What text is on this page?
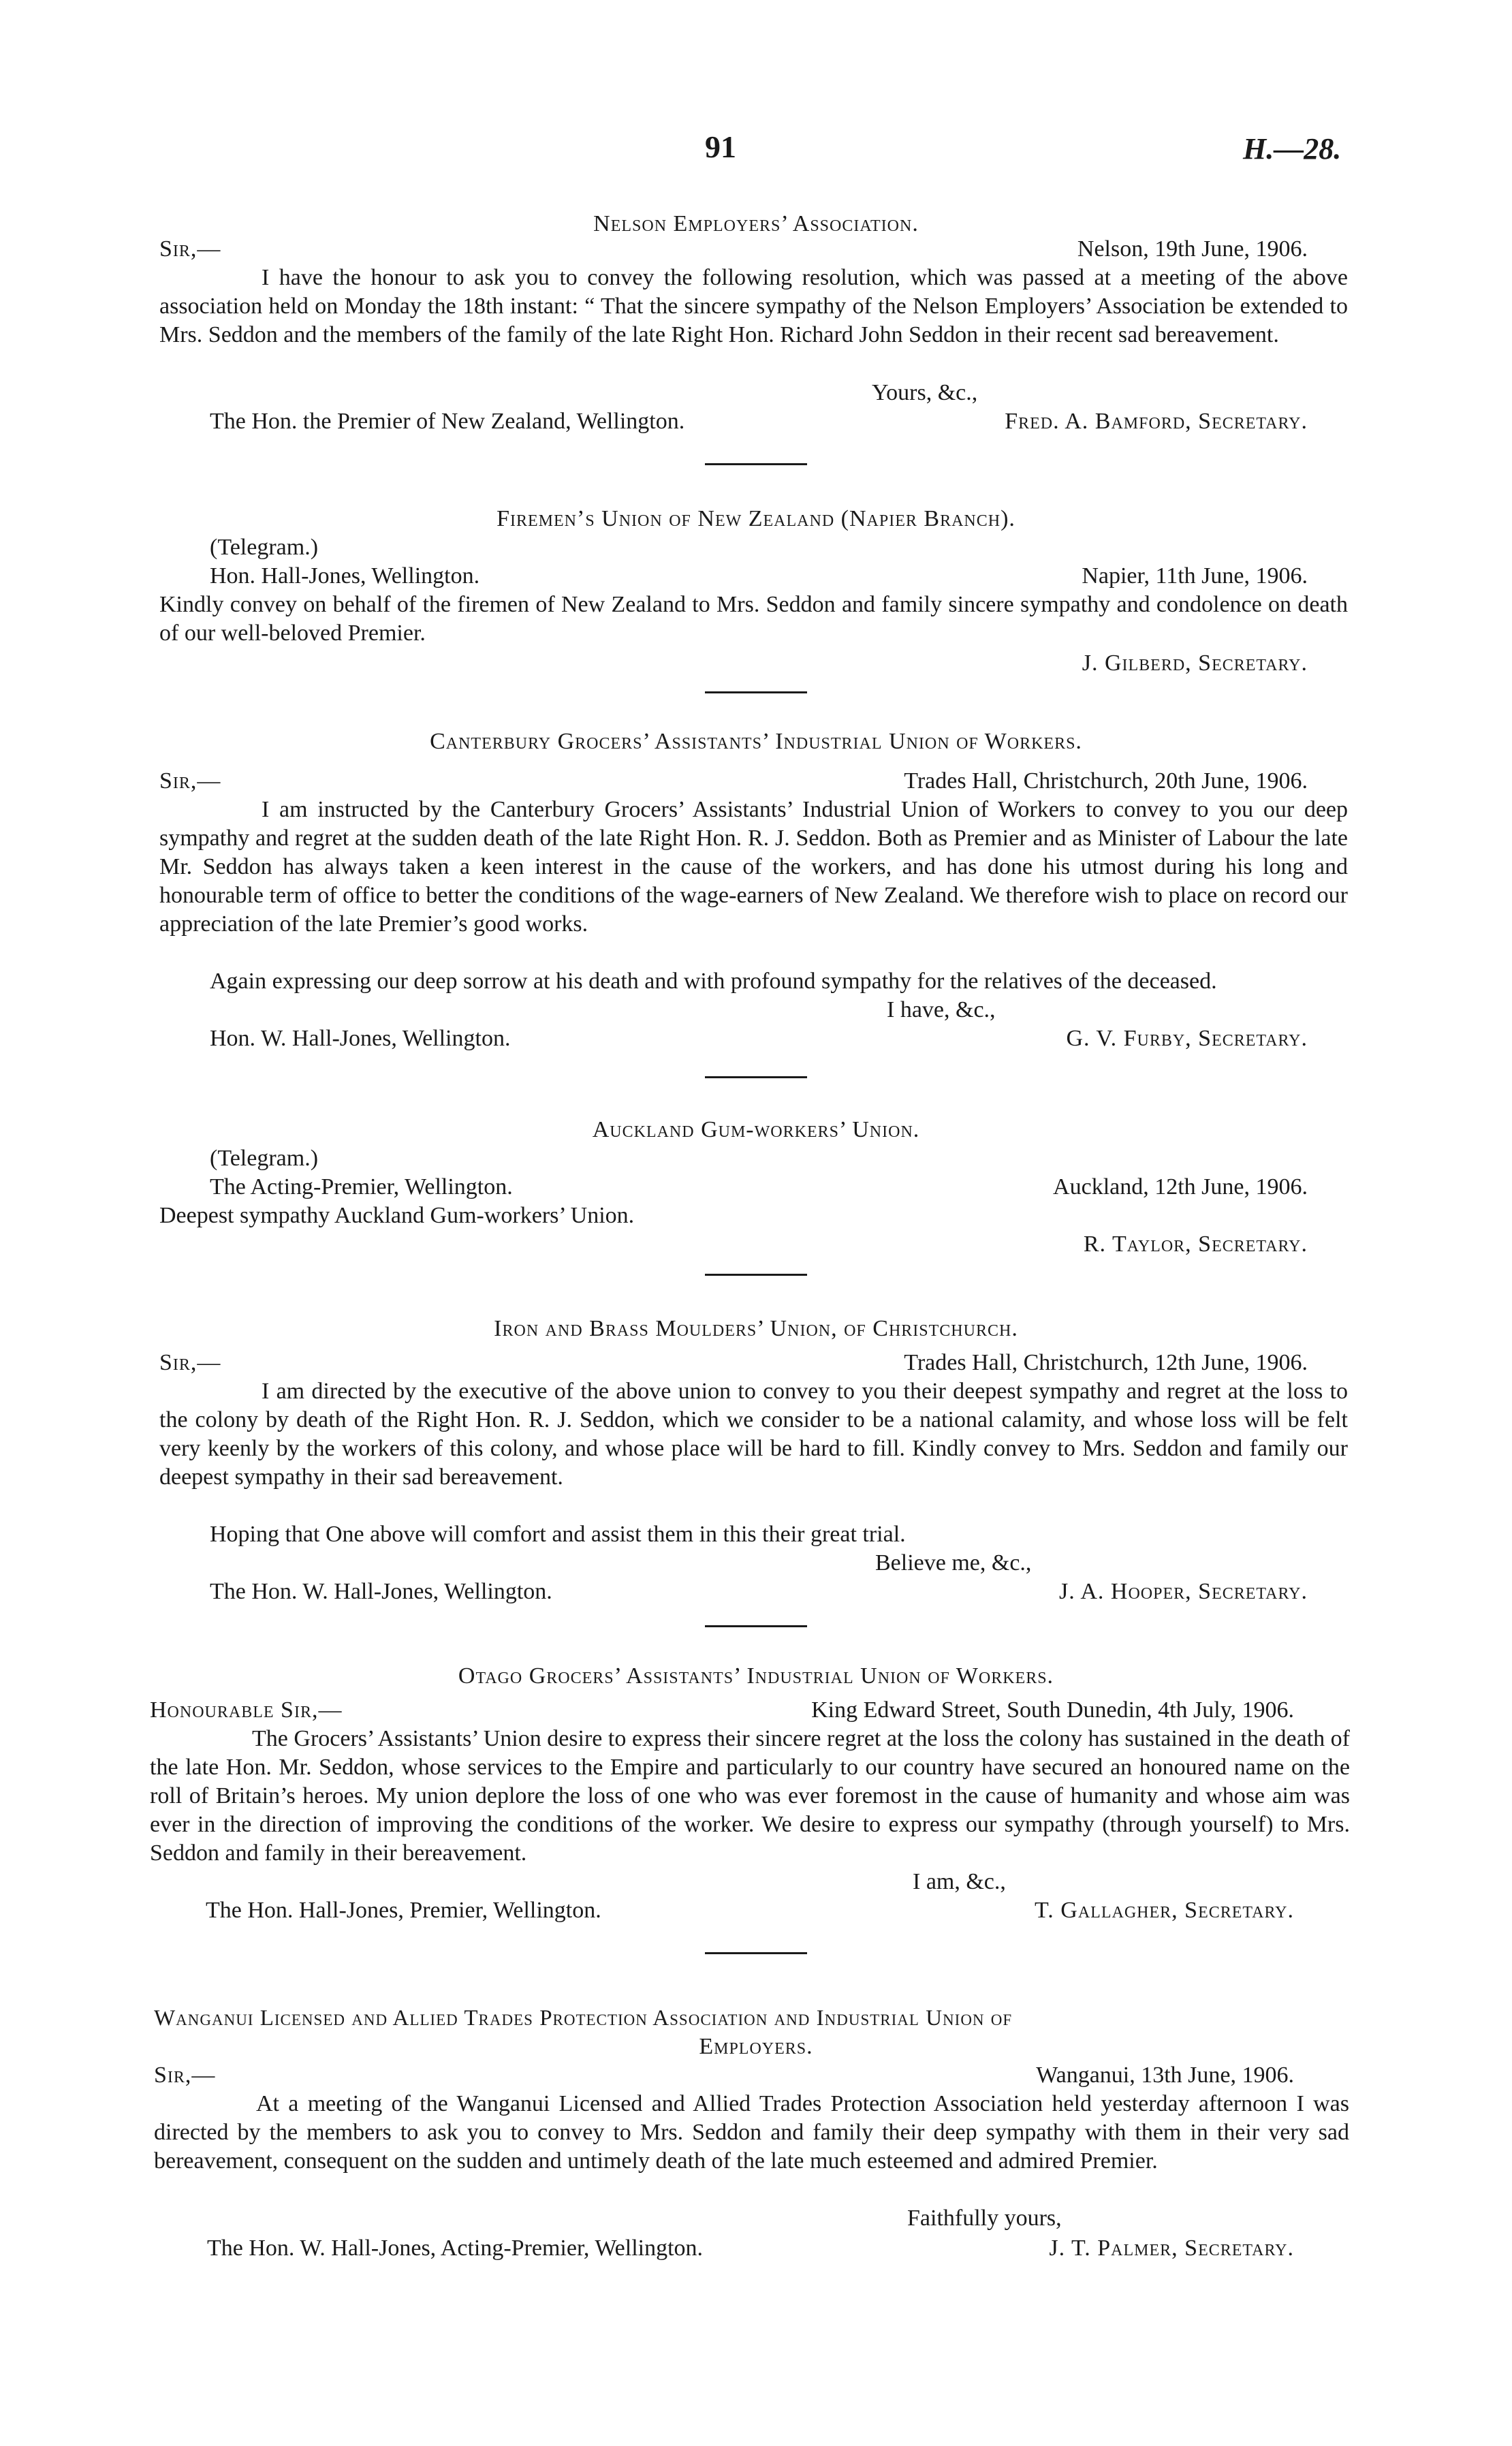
91	H.—28.
Nelson Employers’ Association.
Sir,—	Nelson, 19th June, 1906.
I have the honour to ask you to convey the following resolution, which was passed at a meeting of the above association held on Monday the 18th instant: “ That the sincere sympathy of the Nelson Employers’ Association be extended to Mrs. Seddon and the members of the family of the late Right Hon. Richard John Seddon in their recent sad bereavement.
Yours, &c.,
The Hon. the Premier of New Zealand, Wellington.	Fred. A. Bamford, Secretary.
Firemen’s Union of New Zealand (Napier Branch).
(Telegram.)
Hon. Hall-Jones, Wellington.	Napier, 11th June, 1906.
Kindly convey on behalf of the firemen of New Zealand to Mrs. Seddon and family sincere sympathy and condolence on death of our well-beloved Premier.
J. Gilberd, Secretary.
Canterbury Grocers’ Assistants’ Industrial Union of Workers.
Sir,—	Trades Hall, Christchurch, 20th June, 1906.
I am instructed by the Canterbury Grocers’ Assistants’ Industrial Union of Workers to convey to you our deep sympathy and regret at the sudden death of the late Right Hon. R. J. Seddon. Both as Premier and as Minister of Labour the late Mr. Seddon has always taken a keen interest in the cause of the workers, and has done his utmost during his long and honourable term of office to better the conditions of the wage-earners of New Zealand. We therefore wish to place on record our appreciation of the late Premier’s good works.
Again expressing our deep sorrow at his death and with profound sympathy for the relatives of the deceased.
I have, &c.,
Hon. W. Hall-Jones, Wellington.	G. V. Furby, Secretary.
Auckland Gum-workers’ Union.
(Telegram.)
The Acting-Premier, Wellington.	Auckland, 12th June, 1906.
Deepest sympathy Auckland Gum-workers’ Union.
R. Taylor, Secretary.
Iron and Brass Moulders’ Union, of Christchurch.
Sir,—	Trades Hall, Christchurch, 12th June, 1906.
I am directed by the executive of the above union to convey to you their deepest sympathy and regret at the loss to the colony by death of the Right Hon. R. J. Seddon, which we consider to be a national calamity, and whose loss will be felt very keenly by the workers of this colony, and whose place will be hard to fill. Kindly convey to Mrs. Seddon and family our deepest sympathy in their sad bereavement.
Hoping that One above will comfort and assist them in this their great trial.
Believe me, &c.,
The Hon. W. Hall-Jones, Wellington.	J. A. Hooper, Secretary.
Otago Grocers’ Assistants’ Industrial Union of Workers.
Honourable Sir,—	King Edward Street, South Dunedin, 4th July, 1906.
The Grocers’ Assistants’ Union desire to express their sincere regret at the loss the colony has sustained in the death of the late Hon. Mr. Seddon, whose services to the Empire and particularly to our country have secured an honoured name on the roll of Britain’s heroes. My union deplore the loss of one who was ever foremost in the cause of humanity and whose aim was ever in the direction of improving the conditions of the worker. We desire to express our sympathy (through yourself) to Mrs. Seddon and family in their bereavement.
I am, &c.,
The Hon. Hall-Jones, Premier, Wellington.	T. Gallagher, Secretary.
Wanganui Licensed and Allied Trades Protection Association and Industrial Union of
Employers.
Sir,—	Wanganui, 13th June, 1906.
At a meeting of the Wanganui Licensed and Allied Trades Protection Association held yesterday afternoon I was directed by the members to ask you to convey to Mrs. Seddon and family their deep sympathy with them in their very sad bereavement, consequent on the sudden and untimely death of the late much esteemed and admired Premier.
Faithfully yours,
The Hon. W. Hall-Jones, Acting-Premier, Wellington.	J. T. Palmer, Secretary.
